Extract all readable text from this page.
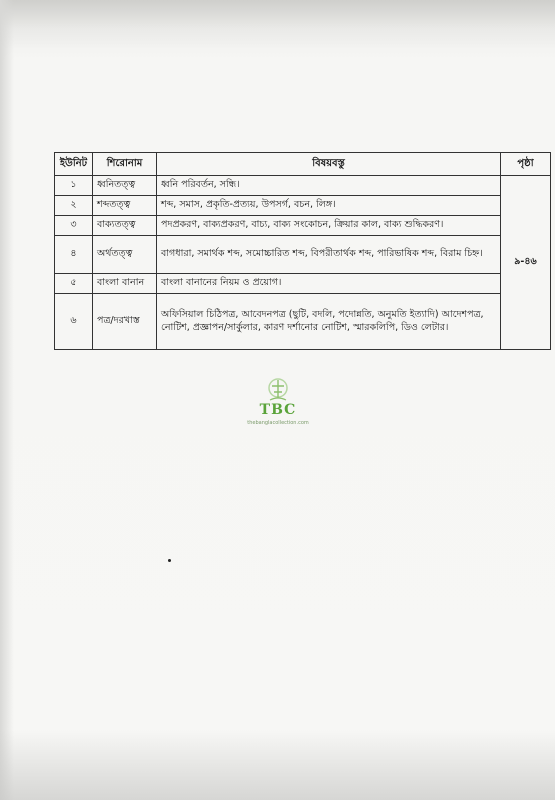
ইউনিট	শিরোনাম	বিষয়বস্তু	পৃষ্ঠা
১	ধ্বনিতত্ত্ব	ধ্বনি পরিবর্তন, সন্ধি।	৯-৪৬
২	শব্দতত্ত্ব	শব্দ, সমাস, প্রকৃতি-প্রত্যয়, উপসর্গ, বচন, লিঙ্গ।	
৩	বাক্যতত্ত্ব	পদপ্রকরণ, বাক্যপ্রকরণ, বাচ্য, বাক্য সংকোচন, ক্রিয়ার কাল, বাক্য শুদ্ধিকরণ।	
৪	অর্থতত্ত্ব	বাগধারা, সমার্থক শব্দ, সমোচ্চারিত শব্দ, বিপরীতার্থক শব্দ, পারিভাষিক শব্দ, বিরাম চিহ্ন।	
৫	বাংলা বানান	বাংলা বানানের নিয়ম ও প্রয়োগ।	
৬	পত্র/দরখাস্ত	অফিসিয়াল চিঠিপত্র, আবেদনপত্র (ছুটি, বদলি, পদোন্নতি, অনুমতি ইত্যাদি) আদেশপত্র, নোটিশ, প্রজ্ঞাপন/সার্কুলার, কারণ দর্শানোর নোটিশ, স্মারকলিপি, ডিও লেটার।	
TBC
thebanglacollection.com
